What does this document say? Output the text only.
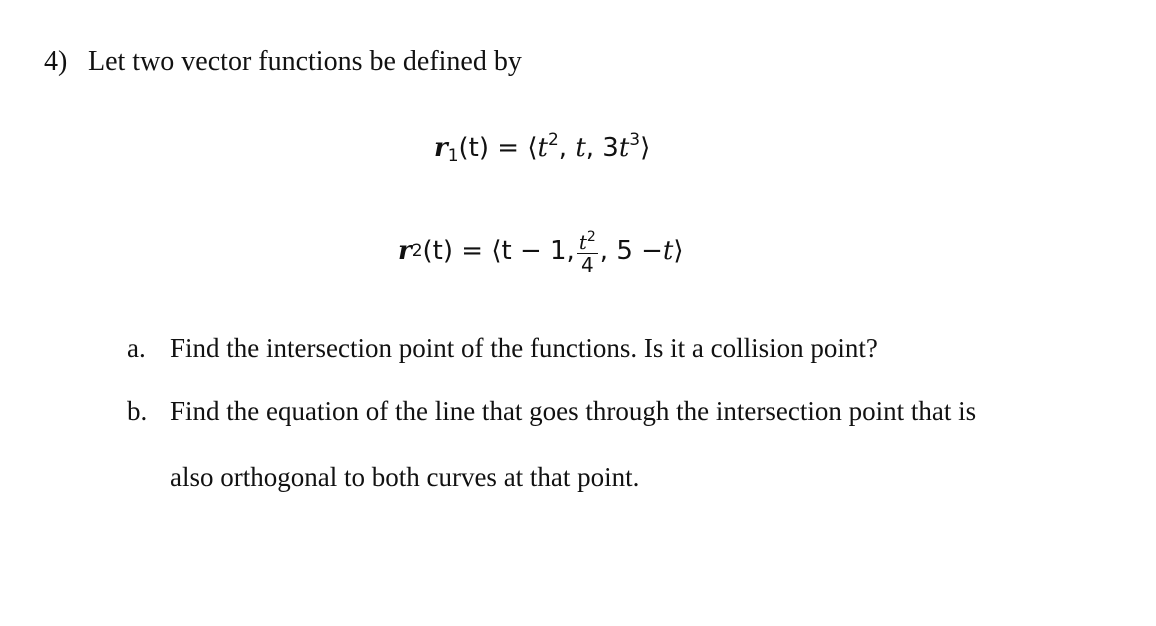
4) Let two vector functions be defined by
$r_1(t)$ = $⟨t^2$, t, $3t^3⟩$
r 2 (t)
=
⟨ t − 1, $\frac{t^2}{4}$ , 5 − t ⟩
a. Find the intersection point of the functions. Is it a collision point?
b. Find the equation of the line that goes through the intersection point that is
also orthogonal to both curves at that point.
